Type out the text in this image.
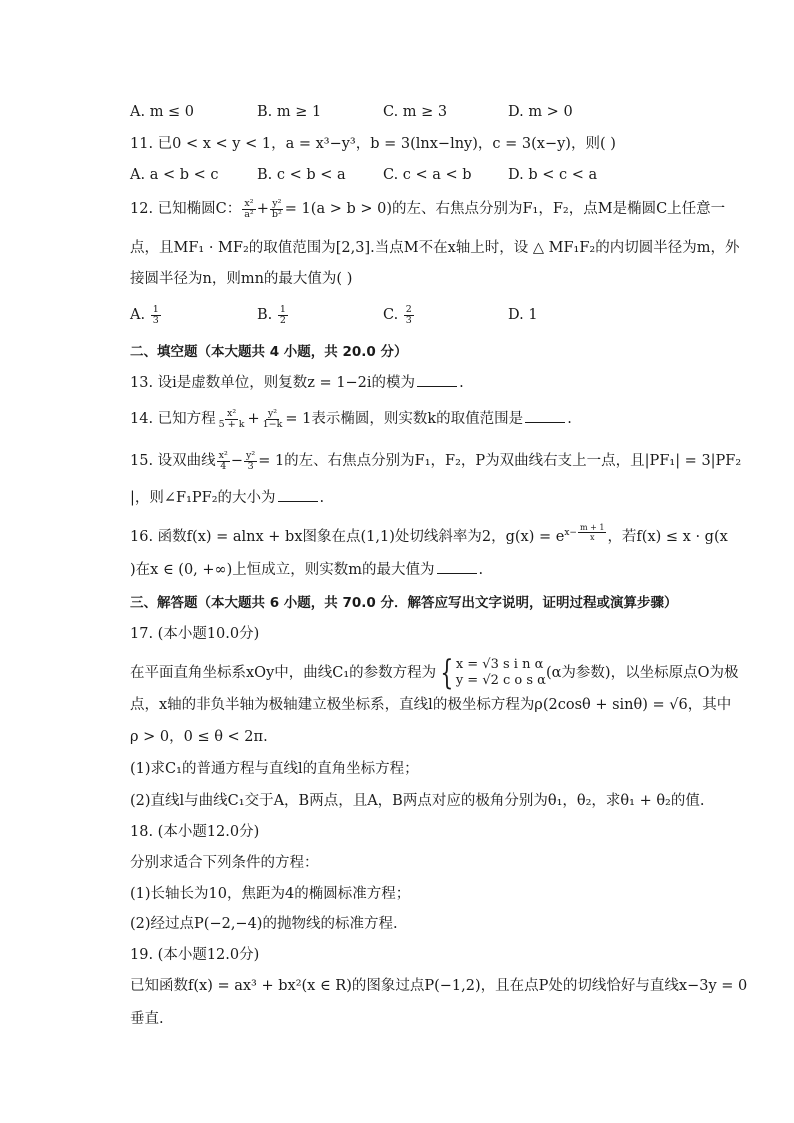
A. m ≤ 0	B. m ≥ 1	C. m ≥ 3	D. m > 0
11. 已0 < x < y < 1，a = x³−y³，b = 3(lnx−lny)，c = 3(x−y)，则( )
A. a < b < c	B. c < b < a	C. c < a < b	D. b < c < a
12. 已知椭圆C： $\frac{\text{x²}}{\text{a²}} + \frac{\text{y²}}{\text{b²}} = 1(a > b > 0)$的左、右焦点分别为F₁，F₂，点M是椭圆C上任意一
点，且MF₁ · MF₂的取值范围为[2,3].当点M不在x轴上时，设 △ MF₁F₂的内切圆半径为m，外
接圆半径为n，则mn的最大值为( )
A. $\frac{1}{3}$	B. $\frac{1}{2}$	C. $\frac{2}{3}$	D. 1
二、填空题（本大题共 4 小题，共 20.0 分）
13. 设i是虚数单位，则复数z = 1−2i的模为	.
14. 已知方程 $\frac{\text{x²}}{5 + k} + \frac{\text{y²}}{1-k} = 1$表示椭圆，则实数k的取值范围是	.
15. 设双曲线 $\frac{\text{x²}}{4} - \frac{\text{y²}}{3} = 1$的左、右焦点分别为F₁，F₂，P为双曲线右支上一点，且|PF₁| = 3|PF₂
|，则∠F₁PF₂的大小为	.
16. 函数f(x) = alnx + bx图象在点(1,1)处切线斜率为2，$g(x) = e^{x- \frac{m + 1}{x}}$ ，若f(x) ≤ x · g(x
)在x ∈ (0, +∞)上恒成立，则实数m的最大值为	.
三、解答题（本大题共 6 小题，共 70.0 分．解答应写出文字说明，证明过程或演算步骤）
17. (本小题10.0分)
在平面直角坐标系xOy中，曲线C₁的参数方程为 { x = √3 s i n α
y = √2 c o s α (α为参数)，以坐标原点O为极
点，x轴的非负半轴为极轴建立极坐标系，直线l的极坐标方程为ρ(2cosθ + sinθ) = √6，其中
ρ > 0，0 ≤ θ < 2π.
(1)求C₁的普通方程与直线l的直角坐标方程；
(2)直线l与曲线C₁交于A，B两点，且A，B两点对应的极角分别为θ₁，θ₂，求θ₁ + θ₂的值.
18. (本小题12.0分)
分别求适合下列条件的方程：
(1)长轴长为10，焦距为4的椭圆标准方程；
(2)经过点P(−2,−4)的抛物线的标准方程.
19. (本小题12.0分)
已知函数f(x) = ax³ + bx²(x ∈ R)的图象过点P(−1,2)，且在点P处的切线恰好与直线x−3y = 0
垂直.
